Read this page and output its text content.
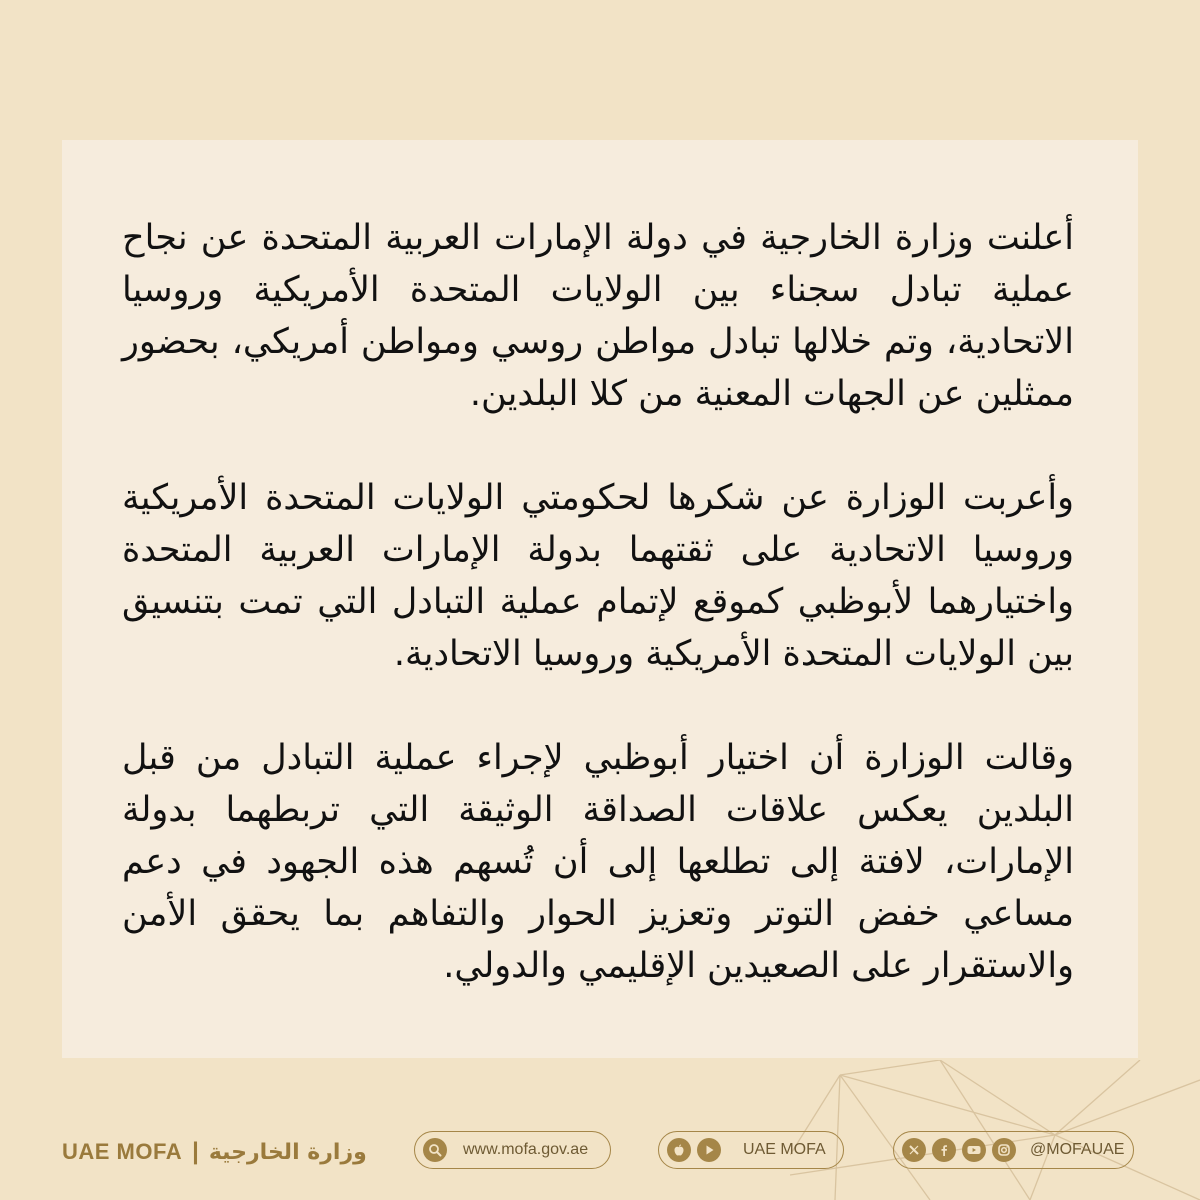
أعلنت وزارة الخارجية في دولة الإمارات العربية المتحدة عن نجاح عملية تبادل سجناء بين الولايات المتحدة الأمريكية وروسيا الاتحادية، وتم خلالها تبادل مواطن روسي ومواطن أمريكي، بحضور ممثلين عن الجهات المعنية من كلا البلدين.

وأعربت الوزارة عن شكرها لحكومتي الولايات المتحدة الأمريكية وروسيا الاتحادية على ثقتهما بدولة الإمارات العربية المتحدة واختيارهما لأبوظبي كموقع لإتمام عملية التبادل التي تمت بتنسيق بين الولايات المتحدة الأمريكية وروسيا الاتحادية.

وقالت الوزارة أن اختيار أبوظبي لإجراء عملية التبادل من قبل البلدين يعكس علاقات الصداقة الوثيقة التي تربطهما بدولة الإمارات، لافتة إلى تطلعها إلى أن تُسهم هذه الجهود في دعم مساعي خفض التوتر وتعزيز الحوار والتفاهم بما يحقق الأمن والاستقرار على الصعيدين الإقليمي والدولي.

UAE MOFA | وزارة الخارجية	www.mofa.gov.ae	UAE MOFA	@MOFAUAE
